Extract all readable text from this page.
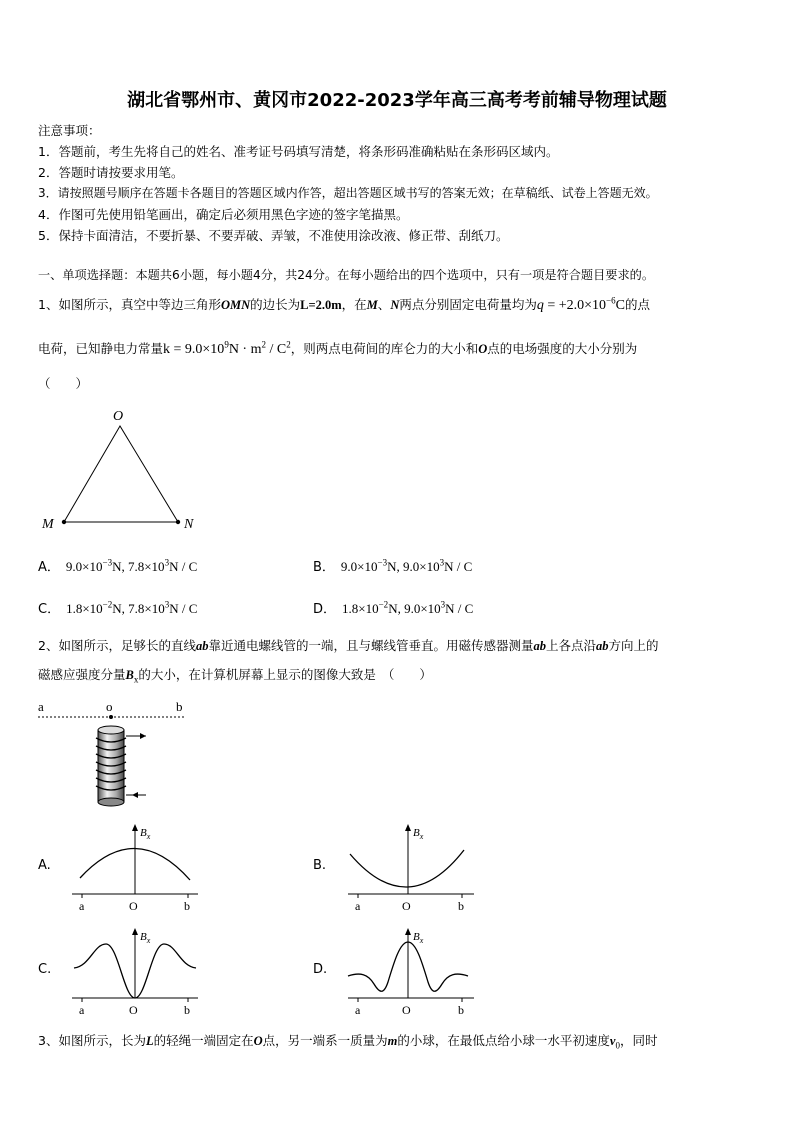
湖北省鄂州市、黄冈市2022-2023学年高三高考考前辅导物理试题
注意事项：
1．答题前，考生先将自己的姓名、准考证号码填写清楚，将条形码准确粘贴在条形码区域内。
2．答题时请按要求用笔。
3．请按照题号顺序在答题卡各题目的答题区域内作答，超出答题区域书写的答案无效；在草稿纸、试卷上答题无效。
4．作图可先使用铅笔画出，确定后必须用黑色字迹的签字笔描黑。
5．保持卡面清洁，不要折暴、不要弄破、弄皱，不准使用涂改液、修正带、刮纸刀。
一、单项选择题：本题共6小题，每小题4分，共24分。在每小题给出的四个选项中，只有一项是符合题目要求的。
1、如图所示，真空中等边三角形OMN的边长为L=2.0m，在M、N两点分别固定电荷量均为$q = +2.0\times 10^{-6}C$的点
电荷，已知静电力常量$k = 9.0\times 10^9N \cdot m^2 / C^2$，则两点电荷间的库仑力的大小和O点的电场强度的大小分别为
（　　）
O
M	N
A． $9.0\times 10^{-3}N$, $7.8\times 10^3N / C$	B． $9.0\times 10^{-3}N$, $9.0\times 10^3N / C$
C． $1.8\times 10^{-2}N$, $7.8\times 10^3N / C$	D． $1.8\times 10^{-2}N$, $9.0\times 10^3N / C$
2、如图所示，足够长的直线ab靠近通电螺线管的一端，且与螺线管垂直。用磁传感器测量ab上各点沿ab方向上的
磁感应强度分量$B_x$的大小，在计算机屏幕上显示的图像大致是 （　　）
a	o	b
A.
$B_x$
a	O	b
B.
$B_x$
a	O	b
C.
$B_x$
a	O	b
D.
$B_x$
a	O	b
3、如图所示，长为L的轻绳一端固定在O点，另一端系一质量为m的小球，在最低点给小球一水平初速度$v_0$，同时
